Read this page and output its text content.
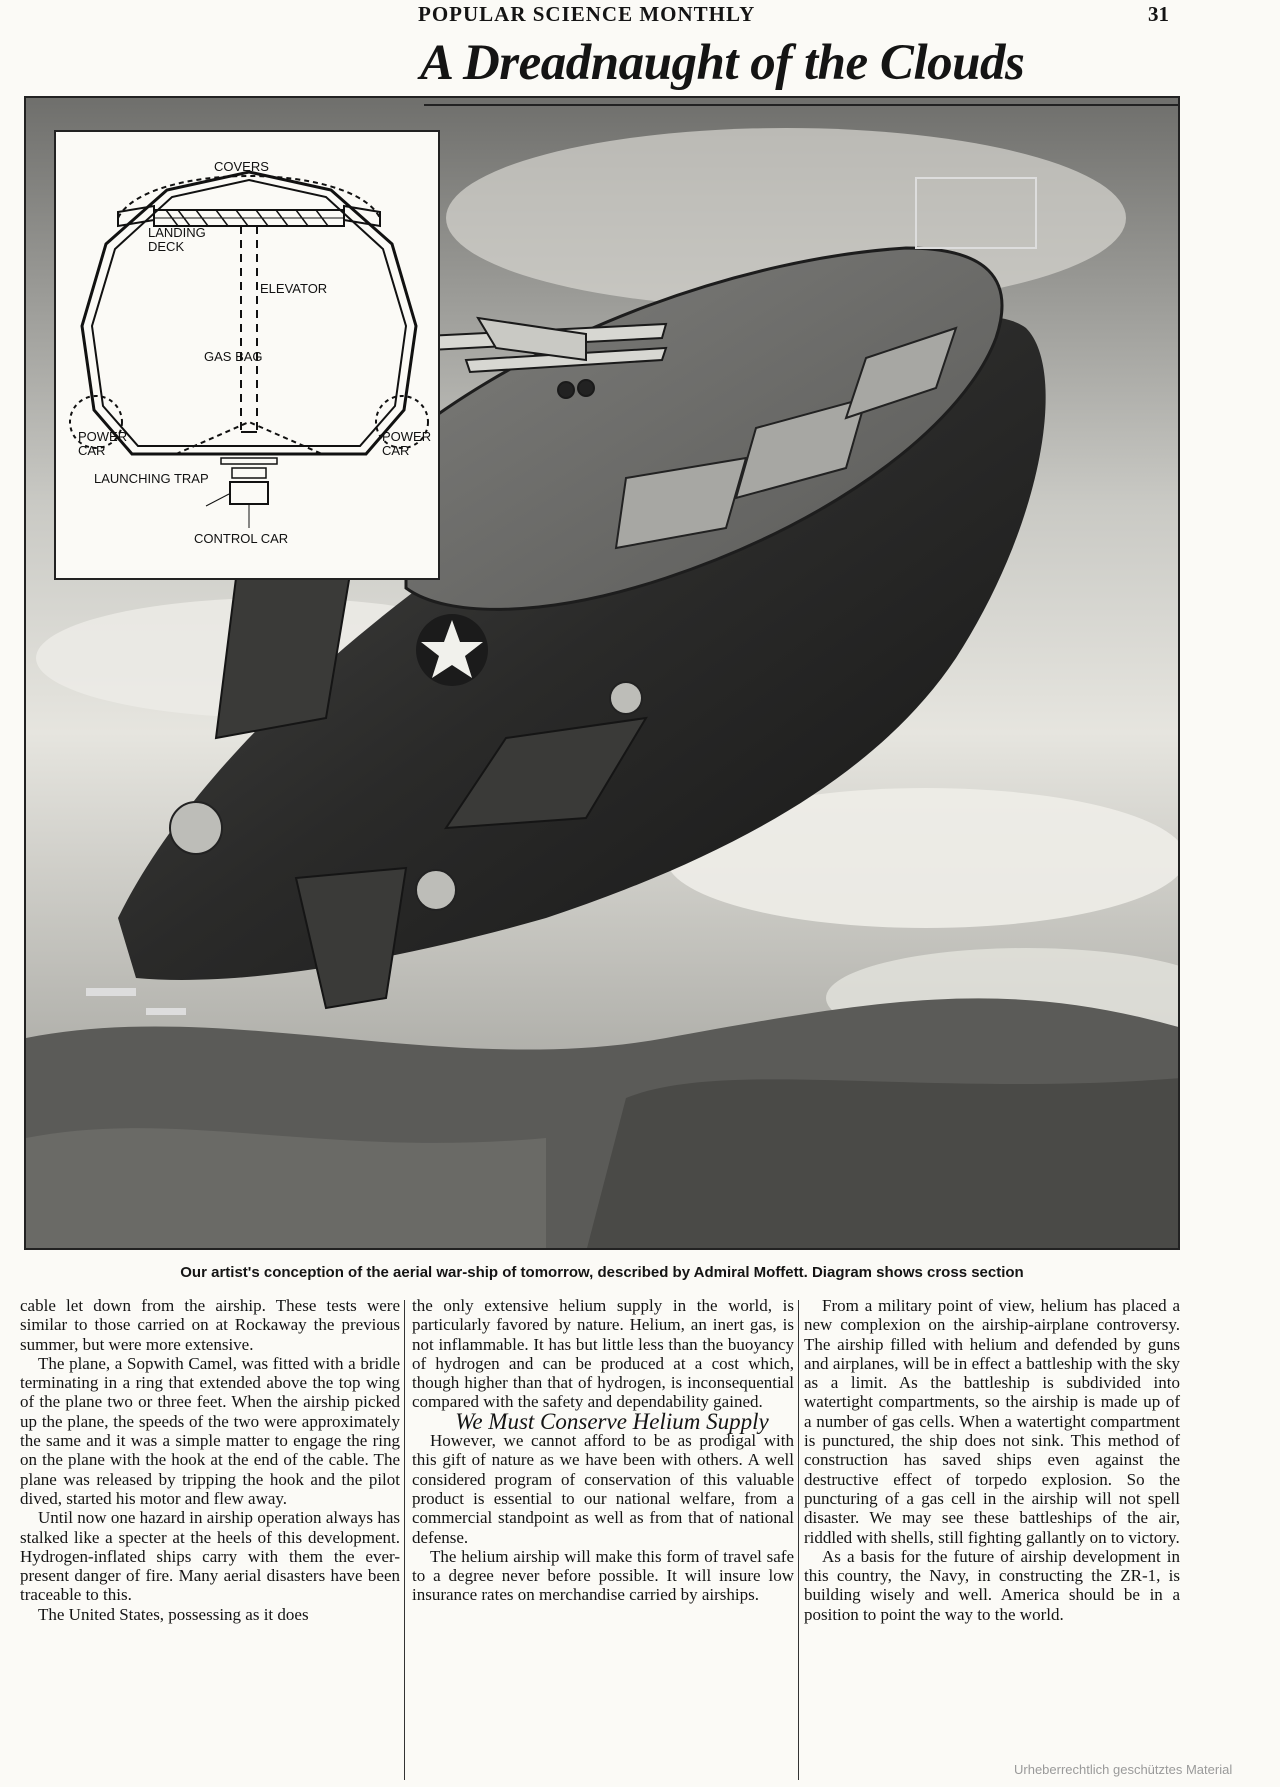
POPULAR SCIENCE MONTHLY	31
A Dreadnaught of the Clouds
COVERS
LANDING
DECK
ELEVATOR
GAS BAG
POWER
CAR
POWER
CAR
LAUNCHING TRAP
CONTROL CAR
Our artist's conception of the aerial war-ship of tomorrow, described by Admiral Moffett. Diagram shows cross section

cable let down from the airship. These tests were similar to those carried on at Rockaway the previous summer, but were more extensive.

The plane, a Sopwith Camel, was fitted with a bridle terminating in a ring that extended above the top wing of the plane two or three feet. When the airship picked up the plane, the speeds of the two were approximately the same and it was a simple matter to engage the ring on the plane with the hook at the end of the cable. The plane was released by tripping the hook and the pilot dived, started his motor and flew away.

Until now one hazard in airship operation always has stalked like a specter at the heels of this development. Hydrogen-inflated ships carry with them the ever-present danger of fire. Many aerial disasters have been traceable to this.

The United States, possessing as it does

the only extensive helium supply in the world, is particularly favored by nature. Helium, an inert gas, is not inflammable. It has but little less than the buoyancy of hydrogen and can be produced at a cost which, though higher than that of hydrogen, is inconsequential compared with the safety and dependability gained.

We Must Conserve Helium Supply

However, we cannot afford to be as prodigal with this gift of nature as we have been with others. A well considered program of conservation of this valuable product is essential to our national welfare, from a commercial standpoint as well as from that of national defense.

The helium airship will make this form of travel safe to a degree never before possible. It will insure low insurance rates on merchandise carried by airships.

From a military point of view, helium has placed a new complexion on the airship-airplane controversy. The airship filled with helium and defended by guns and airplanes, will be in effect a battleship with the sky as a limit. As the battleship is subdivided into watertight compartments, so the airship is made up of a number of gas cells. When a watertight compartment is punctured, the ship does not sink. This method of construction has saved ships even against the destructive effect of torpedo explosion. So the puncturing of a gas cell in the airship will not spell disaster. We may see these battleships of the air, riddled with shells, still fighting gallantly on to victory.

As a basis for the future of airship development in this country, the Navy, in constructing the ZR-1, is building wisely and well. America should be in a position to point the way to the world.

Urheberrechtlich geschütztes Material
